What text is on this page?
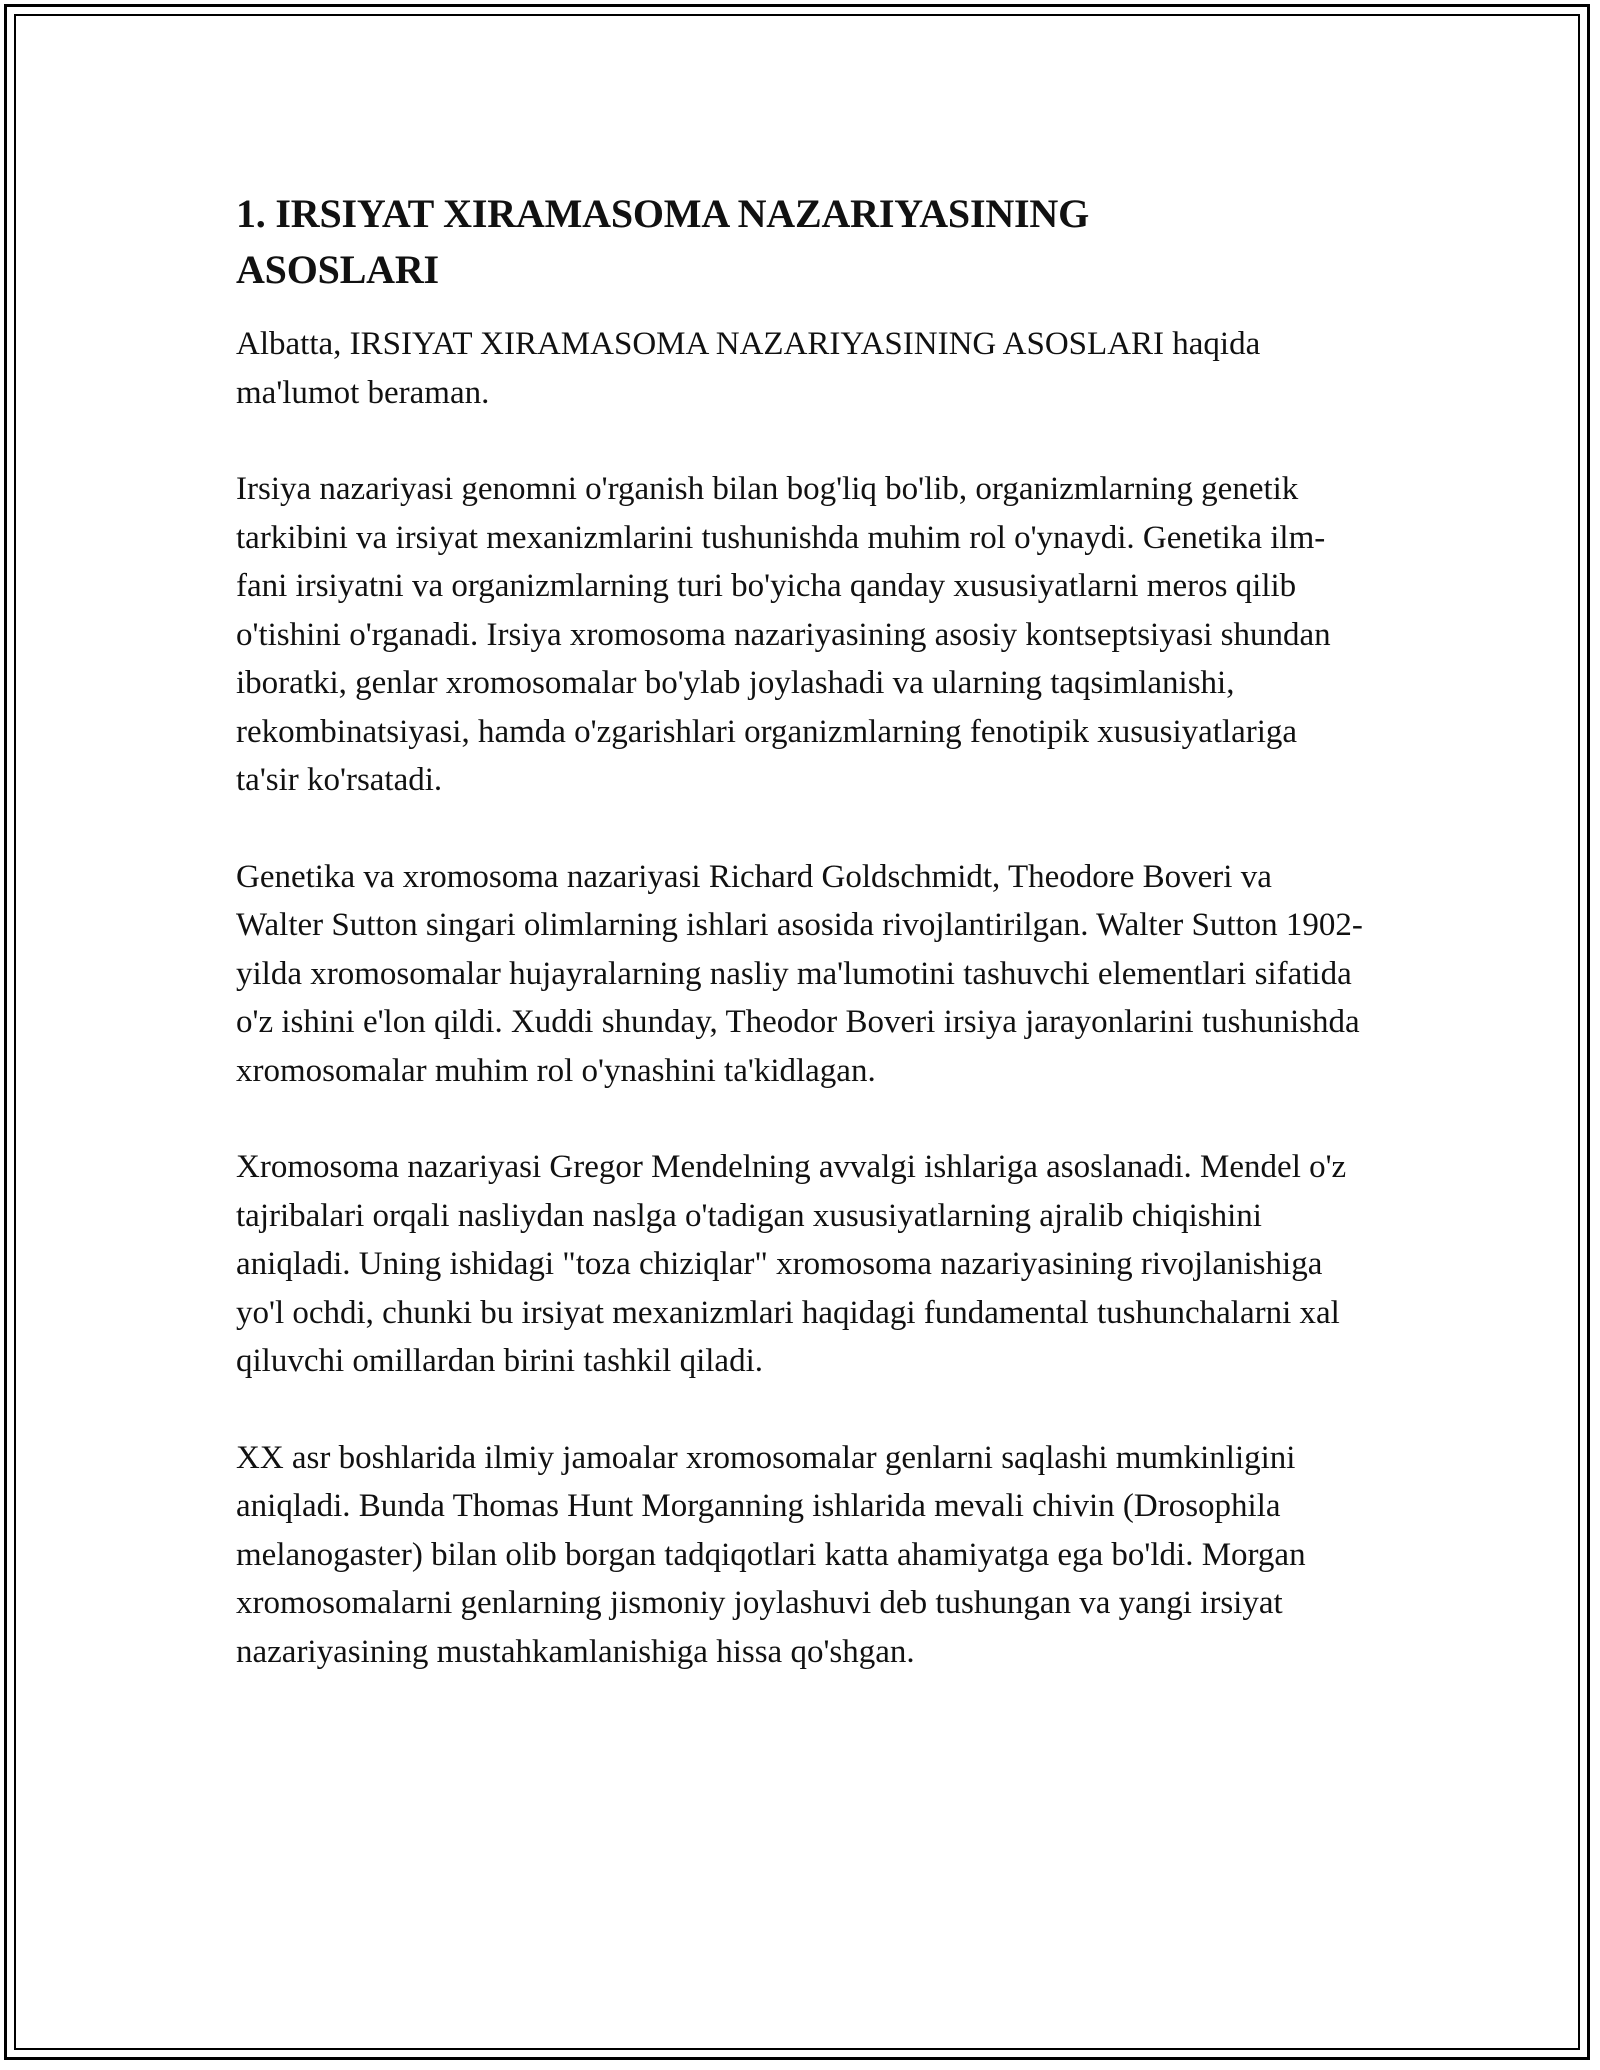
1. IRSIYAT XIRAMASOMA NAZARIYASINING
ASOSLARI

Albatta, IRSIYAT XIRAMASOMA NAZARIYASINING ASOSLARI haqida ma'lumot beraman.

Irsiya nazariyasi genomni o'rganish bilan bog'liq bo'lib, organizmlarning genetik tarkibini va irsiyat mexanizmlarini tushunishda muhim rol o'ynaydi. Genetika ilm-fani irsiyatni va organizmlarning turi bo'yicha qanday xususiyatlarni meros qilib o'tishini o'rganadi. Irsiya xromosoma nazariyasining asosiy kontseptsiyasi shundan iboratki, genlar xromosomalar bo'ylab joylashadi va ularning taqsimlanishi, rekombinatsiyasi, hamda o'zgarishlari organizmlarning fenotipik xususiyatlariga ta'sir ko'rsatadi.

Genetika va xromosoma nazariyasi Richard Goldschmidt, Theodore Boveri va Walter Sutton singari olimlarning ishlari asosida rivojlantirilgan. Walter Sutton 1902-yilda xromosomalar hujayralarning nasliy ma'lumotini tashuvchi elementlari sifatida o'z ishini e'lon qildi. Xuddi shunday, Theodor Boveri irsiya jarayonlarini tushunishda xromosomalar muhim rol o'ynashini ta'kidlagan.

Xromosoma nazariyasi Gregor Mendelning avvalgi ishlariga asoslanadi. Mendel o'z tajribalari orqali nasliydan naslga o'tadigan xususiyatlarning ajralib chiqishini aniqladi. Uning ishidagi "toza chiziqlar" xromosoma nazariyasining rivojlanishiga yo'l ochdi, chunki bu irsiyat mexanizmlari haqidagi fundamental tushunchalarni xal qiluvchi omillardan birini tashkil qiladi.

XX asr boshlarida ilmiy jamoalar xromosomalar genlarni saqlashi mumkinligini aniqladi. Bunda Thomas Hunt Morganning ishlarida mevali chivin (Drosophila melanogaster) bilan olib borgan tadqiqotlari katta ahamiyatga ega bo'ldi. Morgan xromosomalarni genlarning jismoniy joylashuvi deb tushungan va yangi irsiyat nazariyasining mustahkamlanishiga hissa qo'shgan.
